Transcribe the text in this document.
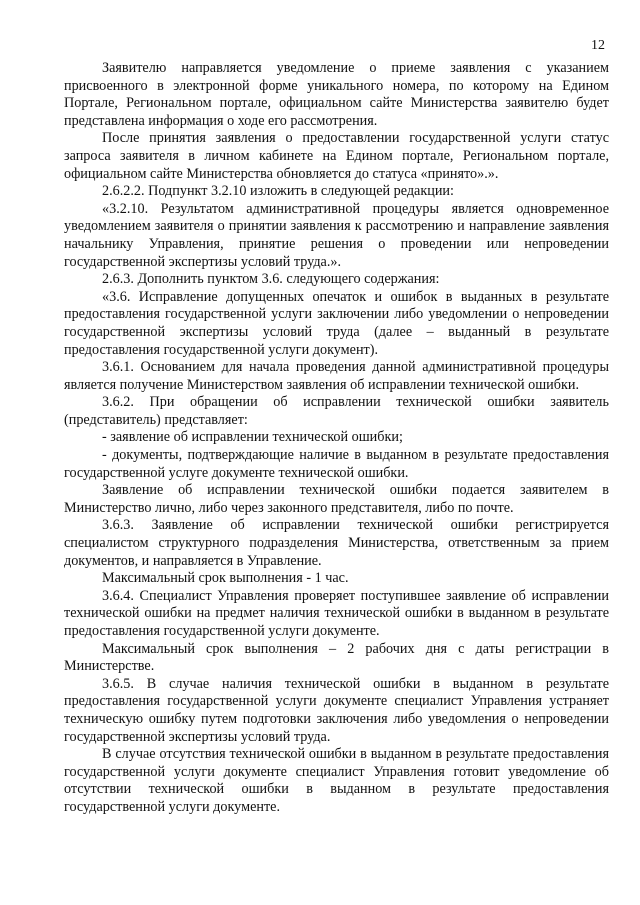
12

Заявителю направляется уведомление о приеме заявления с указанием присвоенного в электронной форме уникального номера, по которому на Едином Портале, Региональном портале, официальном сайте Министерства заявителю будет представлена информация о ходе его рассмотрения.

После принятия заявления о предоставлении государственной услуги статус запроса заявителя в личном кабинете на Едином портале, Региональном портале, официальном сайте Министерства обновляется до статуса «принято».».

2.6.2.2. Подпункт 3.2.10 изложить в следующей редакции:

«3.2.10. Результатом административной процедуры является одновременное уведомлением заявителя о принятии заявления к рассмотрению и направление заявления начальнику Управления, принятие решения о проведении или непроведении государственной экспертизы условий труда.».

2.6.3. Дополнить пунктом 3.6. следующего содержания:

«3.6. Исправление допущенных опечаток и ошибок в выданных в результате предоставления государственной услуги заключении либо уведомлении о непроведении государственной экспертизы условий труда (далее – выданный в результате предоставления государственной услуги документ).

3.6.1. Основанием для начала проведения данной административной процедуры является получение Министерством заявления об исправлении технической ошибки.

3.6.2. При обращении об исправлении технической ошибки заявитель (представитель) представляет:

- заявление об исправлении технической ошибки;

- документы, подтверждающие наличие в выданном в результате предоставления государственной услуге документе технической ошибки.

Заявление об исправлении технической ошибки подается заявителем в Министерство лично, либо через законного представителя, либо по почте.

3.6.3. Заявление об исправлении технической ошибки регистрируется специалистом структурного подразделения Министерства, ответственным за прием документов, и направляется в Управление.

Максимальный срок выполнения - 1 час.

3.6.4. Специалист Управления проверяет поступившее заявление об исправлении технической ошибки на предмет наличия технической ошибки в выданном в результате предоставления государственной услуги документе.

Максимальный срок выполнения – 2 рабочих дня с даты регистрации в Министерстве.

3.6.5. В случае наличия технической ошибки в выданном в результате предоставления государственной услуги документе специалист Управления устраняет техническую ошибку путем подготовки заключения либо уведомления о непроведении государственной экспертизы условий труда.

В случае отсутствия технической ошибки в выданном в результате предоставления государственной услуги документе специалист Управления готовит уведомление об отсутствии технической ошибки в выданном в результате предоставления государственной услуги документе.
